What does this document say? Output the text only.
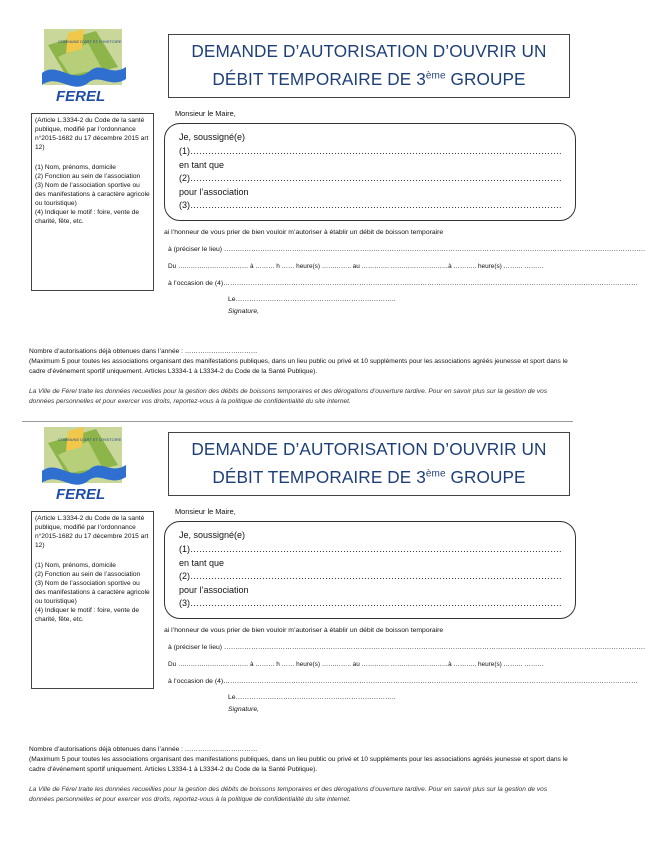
COMMUNE D'ART ET D'HISTOIRE
FEREL
DEMANDE D’AUTORISATION D’OUVRIR UN
DÉBIT TEMPORAIRE DE 3ème GROUPE

(Article L.3334-2 du Code de la santé publique, modifié par l’ordonnance n°2015-1682 du 17 décembre 2015 art 12)

(1) Nom, prénoms, domicile

(2) Fonction au sein de l’association

(3) Nom de l’association sportive ou des manifestations à caractère agricole ou touristique)

(4) Indiquer le motif : foire, vente de charité, fête, etc.

Monsieur le Maire,
Je, soussigné(e)
(1)…………………………………………………………………………………………………………….
en tant que
(2)…………………………………………………………………………………………………………….
pour l’association
(3)…………………………………………………………………………………………………………….
ai l’honneur de vous prier de bien vouloir m’autoriser à établir un débit de boisson temporaire
à (préciser le lieu) ……………………………………………………………………………………………………………………………………………………………………
Du …………………………… à ……… h …… heure(s) ………….. au …………. ………………………à ……….. heure(s) ……… ………
à l’occasion de (4)…………………………………………………………………………………………………………………………………………………………………
Le……………………………………………………………..
Signature,
Nombre d’autorisations déjà obtenues dans l’année : ……………………………
(Maximum 5 pour toutes les associations organisant des manifestations publiques, dans un lieu public ou privé et 10 suppléments pour les associations agréés jeunesse et sport dans le cadre d’événement sportif uniquement. Articles L3334-1 à L3334-2 du Code de la Santé Publique).
La Ville de Férel traite les données recueillies pour la gestion des débits de boissons temporaires et des dérogations d’ouverture tardive. Pour en savoir plus sur la gestion de vos données personnelles et pour exercer vos droits, reportez-vous à la politique de confidentialité du site internet.
COMMUNE D'ART ET D'HISTOIRE
FEREL
DEMANDE D’AUTORISATION D’OUVRIR UN
DÉBIT TEMPORAIRE DE 3ème GROUPE

(Article L.3334-2 du Code de la santé publique, modifié par l’ordonnance n°2015-1682 du 17 décembre 2015 art 12)

(1) Nom, prénoms, domicile

(2) Fonction au sein de l’association

(3) Nom de l’association sportive ou des manifestations à caractère agricole ou touristique)

(4) Indiquer le motif : foire, vente de charité, fête, etc.

Monsieur le Maire,
Je, soussigné(e)
(1)…………………………………………………………………………………………………………….
en tant que
(2)…………………………………………………………………………………………………………….
pour l’association
(3)…………………………………………………………………………………………………………….
ai l’honneur de vous prier de bien vouloir m’autoriser à établir un débit de boisson temporaire
à (préciser le lieu) ……………………………………………………………………………………………………………………………………………………………………
Du …………………………… à ……… h …… heure(s) ………….. au …………. ………………………à ……….. heure(s) ……… ………
à l’occasion de (4)…………………………………………………………………………………………………………………………………………………………………
Le……………………………………………………………..
Signature,
Nombre d’autorisations déjà obtenues dans l’année : ……………………………
(Maximum 5 pour toutes les associations organisant des manifestations publiques, dans un lieu public ou privé et 10 suppléments pour les associations agréés jeunesse et sport dans le cadre d’événement sportif uniquement. Articles L3334-1 à L3334-2 du Code de la Santé Publique).
La Ville de Férel traite les données recueillies pour la gestion des débits de boissons temporaires et des dérogations d’ouverture tardive. Pour en savoir plus sur la gestion de vos données personnelles et pour exercer vos droits, reportez-vous à la politique de confidentialité du site internet.
